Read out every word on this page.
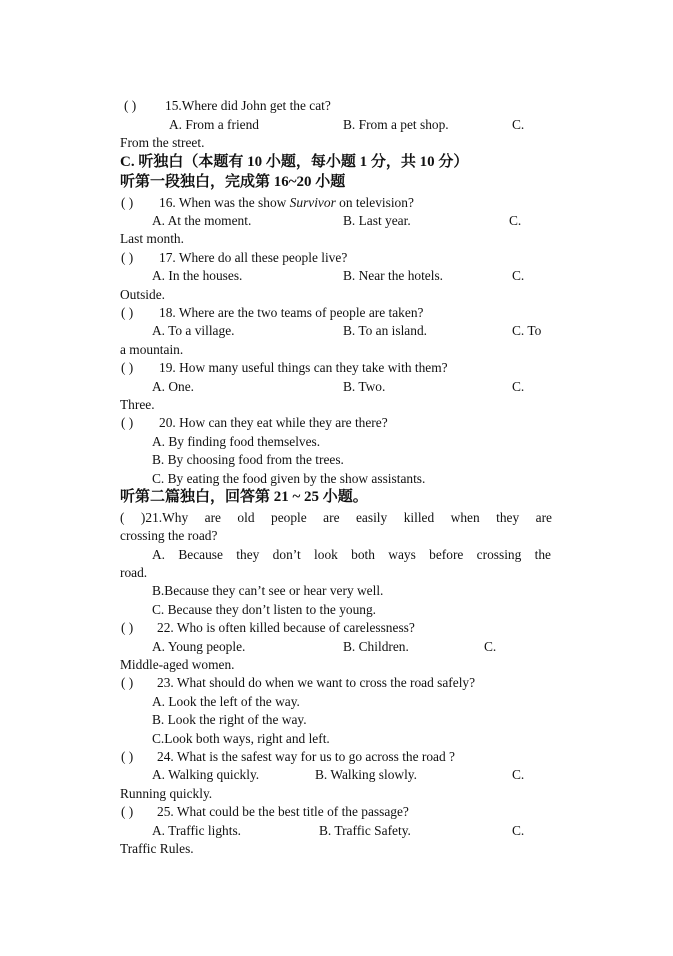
( ) 15.Where did John get the cat?
A. From a friend	B. From a pet shop.	C.
From the street.
C. 听独白（本题有 10 小题，每小题 1 分，共 10 分）
听第一段独白，完成第 16~20 小题
( ) 16. When was the show Survivor on television?
A. At the moment.	B. Last year.	C.
Last month.
( ) 17. Where do all these people live?
A. In the houses.	B. Near the hotels.	C.
Outside.
( ) 18. Where are the two teams of people are taken?
A. To a village.	B. To an island.	C. To
a mountain.
( ) 19. How many useful things can they take with them?
A. One.	B. Two.	C.
Three.
( ) 20. How can they eat while they are there?
A. By finding food themselves.
B. By choosing food from the trees.
C. By eating the food given by the show assistants.
听第二篇独白，回答第 21 ~ 25 小题。
( )21.Why are old people are easily killed when they are
crossing the road?
A. Because they don’t look both ways before crossing the
road.
B.Because they can’t see or hear very well.
C. Because they don’t listen to the young.
( ) 22. Who is often killed because of carelessness?
A. Young people.	B. Children.	C.
Middle-aged women.
( ) 23. What should do when we want to cross the road safely?
A. Look the left of the way.
B. Look the right of the way.
C.Look both ways, right and left.
( ) 24. What is the safest way for us to go across the road ?
A. Walking quickly.	B. Walking slowly.	C.
Running quickly.
( ) 25. What could be the best title of the passage?
A. Traffic lights.	B. Traffic Safety.	C.
Traffic Rules.
